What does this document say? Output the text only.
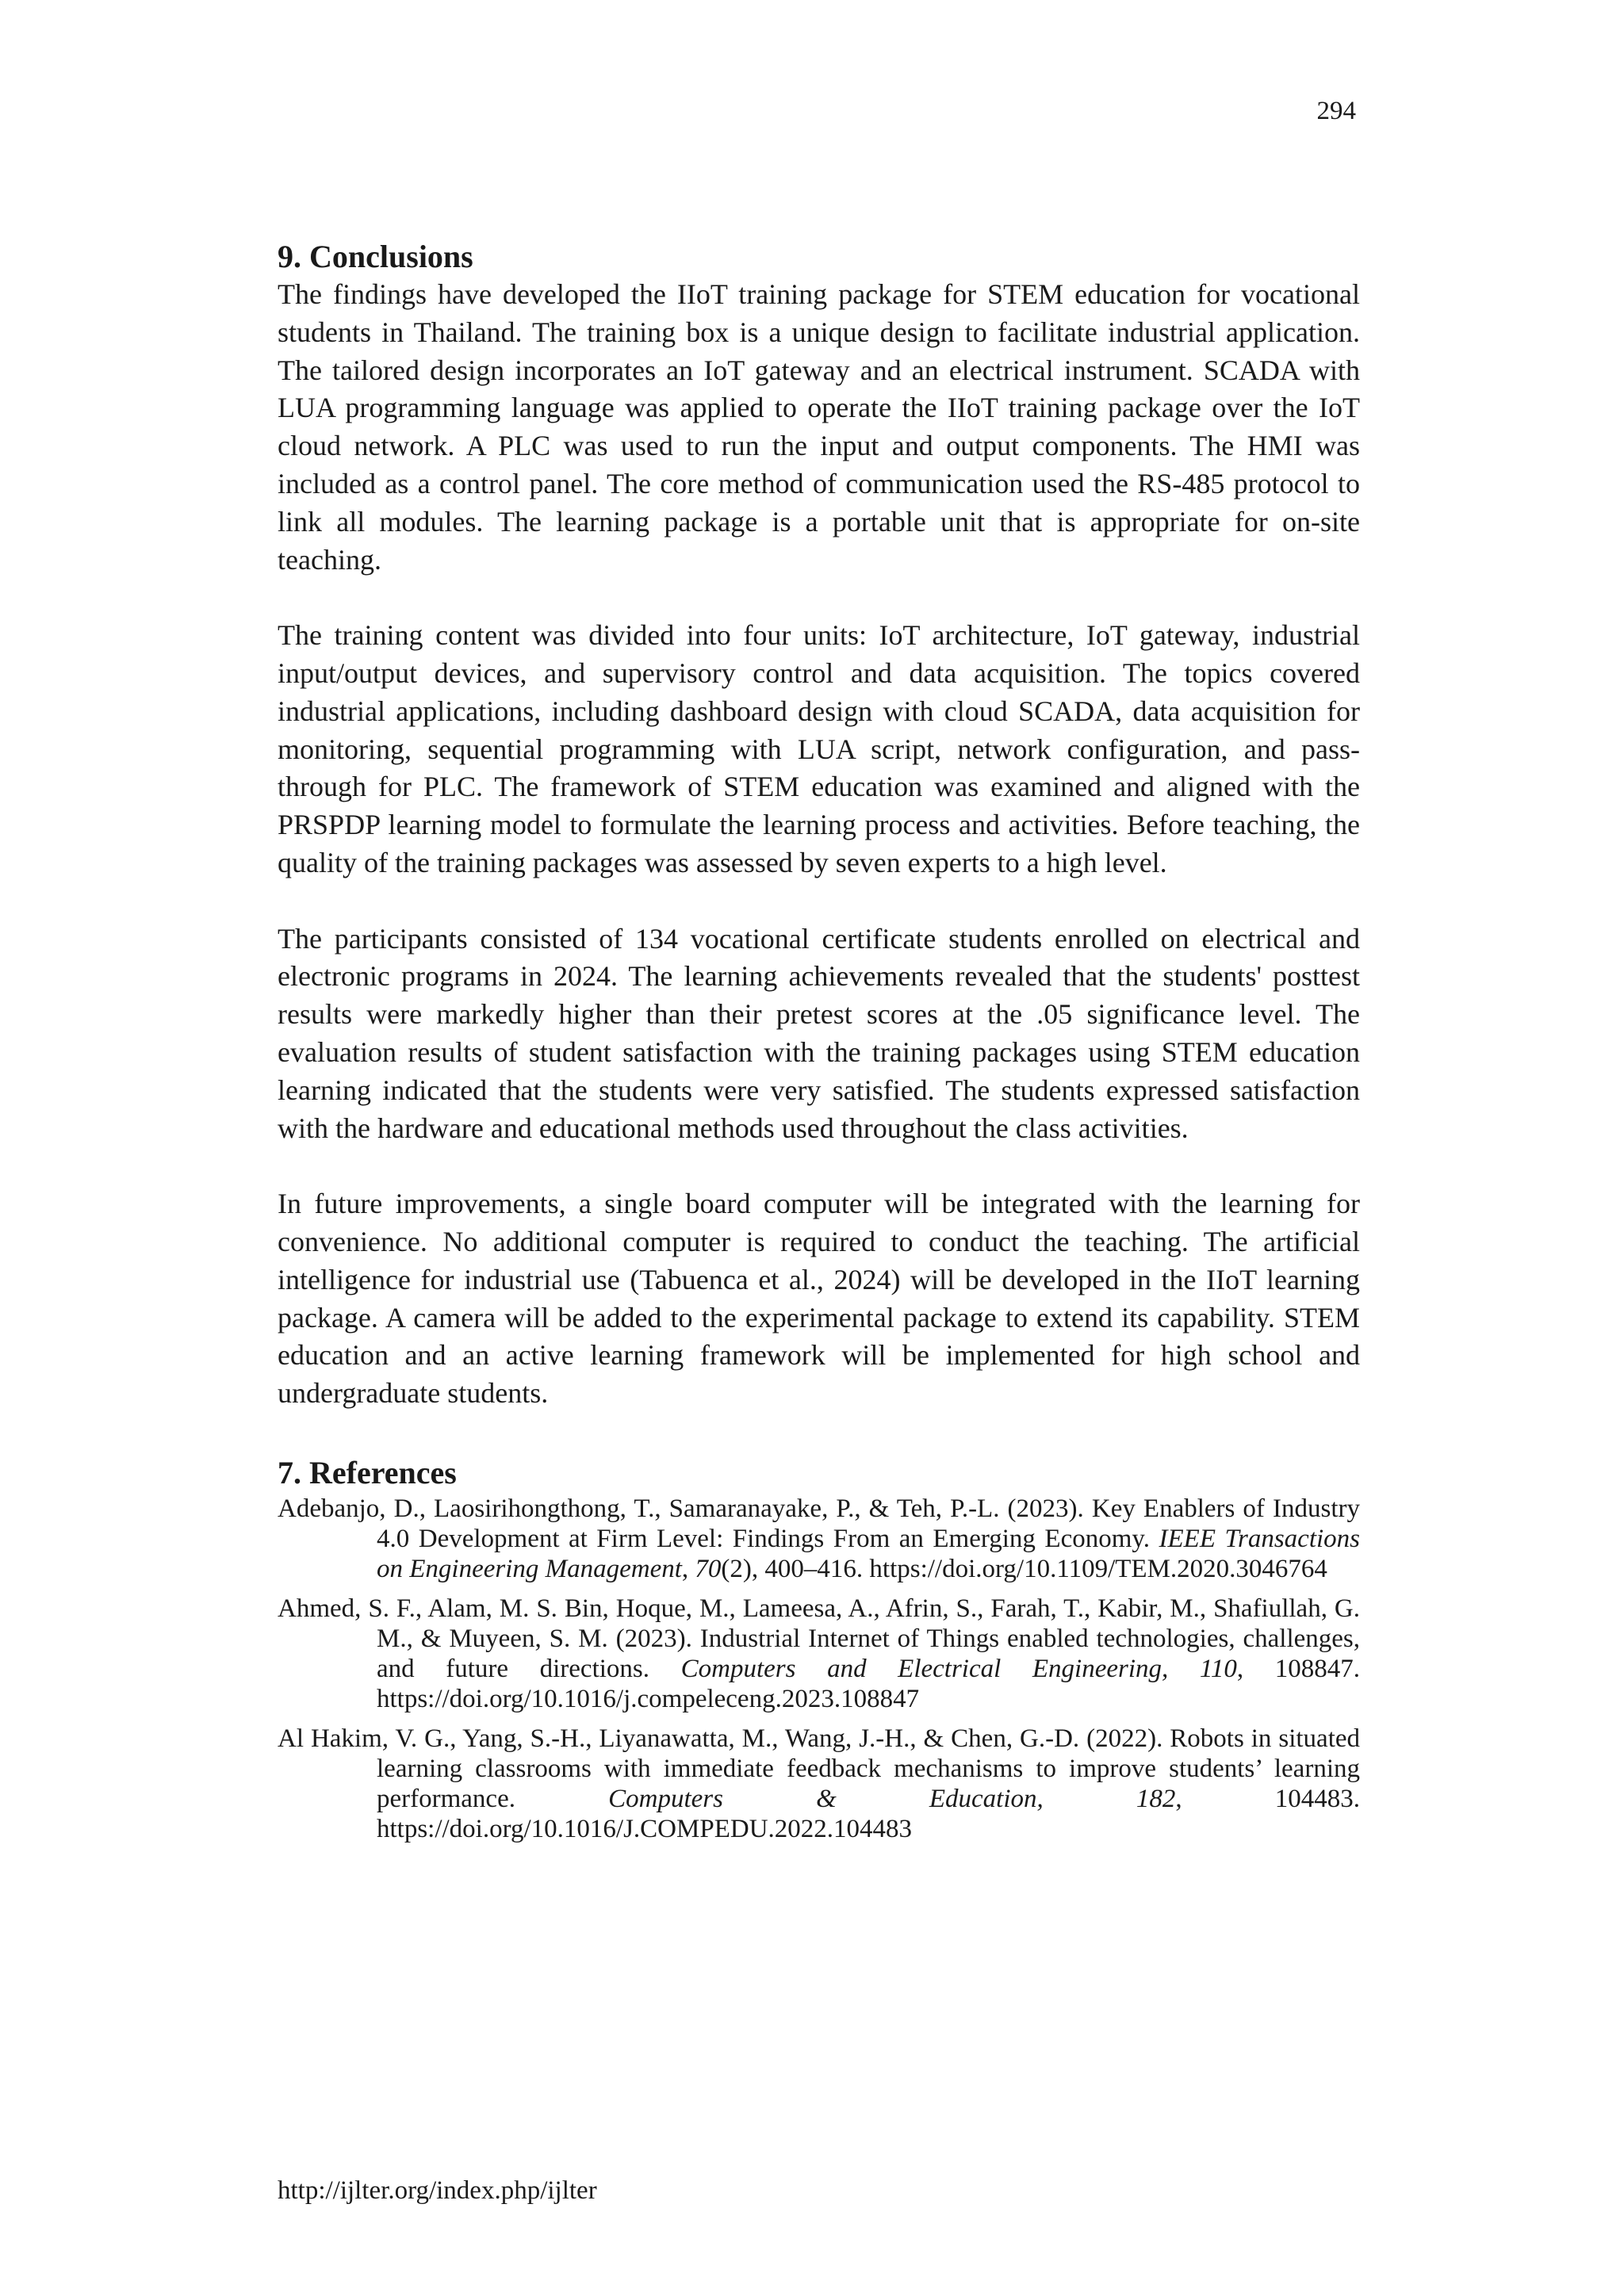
294
9. Conclusions

The findings have developed the IIoT training package for STEM education for vocational students in Thailand. The training box is a unique design to facilitate industrial application. The tailored design incorporates an IoT gateway and an electrical instrument. SCADA with LUA programming language was applied to operate the IIoT training package over the IoT cloud network. A PLC was used to run the input and output components. The HMI was included as a control panel. The core method of communication used the RS-485 protocol to link all modules. The learning package is a portable unit that is appropriate for on-site teaching.

The training content was divided into four units: IoT architecture, IoT gateway, industrial input/output devices, and supervisory control and data acquisition. The topics covered industrial applications, including dashboard design with cloud SCADA, data acquisition for monitoring, sequential programming with LUA script, network configuration, and pass-through for PLC. The framework of STEM education was examined and aligned with the PRSPDP learning model to formulate the learning process and activities. Before teaching, the quality of the training packages was assessed by seven experts to a high level.

The participants consisted of 134 vocational certificate students enrolled on electrical and electronic programs in 2024. The learning achievements revealed that the students' posttest results were markedly higher than their pretest scores at the .05 significance level. The evaluation results of student satisfaction with the training packages using STEM education learning indicated that the students were very satisfied. The students expressed satisfaction with the hardware and educational methods used throughout the class activities.

In future improvements, a single board computer will be integrated with the learning for convenience. No additional computer is required to conduct the teaching. The artificial intelligence for industrial use (Tabuenca et al., 2024) will be developed in the IIoT learning package. A camera will be added to the experimental package to extend its capability. STEM education and an active learning framework will be implemented for high school and undergraduate students.

7. References
Adebanjo, D., Laosirihongthong, T., Samaranayake, P., & Teh, P.-L. (2023). Key Enablers of Industry 4.0 Development at Firm Level: Findings From an Emerging Economy. IEEE Transactions on Engineering Management, 70(2), 400–416. https://doi.org/10.1109/TEM.2020.3046764
Ahmed, S. F., Alam, M. S. Bin, Hoque, M., Lameesa, A., Afrin, S., Farah, T., Kabir, M., Shafiullah, G. M., & Muyeen, S. M. (2023). Industrial Internet of Things enabled technologies, challenges, and future directions. Computers and Electrical Engineering, 110, 108847. https://doi.org/10.1016/j.compeleceng.2023.108847
Al Hakim, V. G., Yang, S.-H., Liyanawatta, M., Wang, J.-H., & Chen, G.-D. (2022). Robots in situated learning classrooms with immediate feedback mechanisms to improve students’ learning performance.	Computers & Education, 182, 104483. https://doi.org/10.1016/J.COMPEDU.2022.104483
http://ijlter.org/index.php/ijlter
